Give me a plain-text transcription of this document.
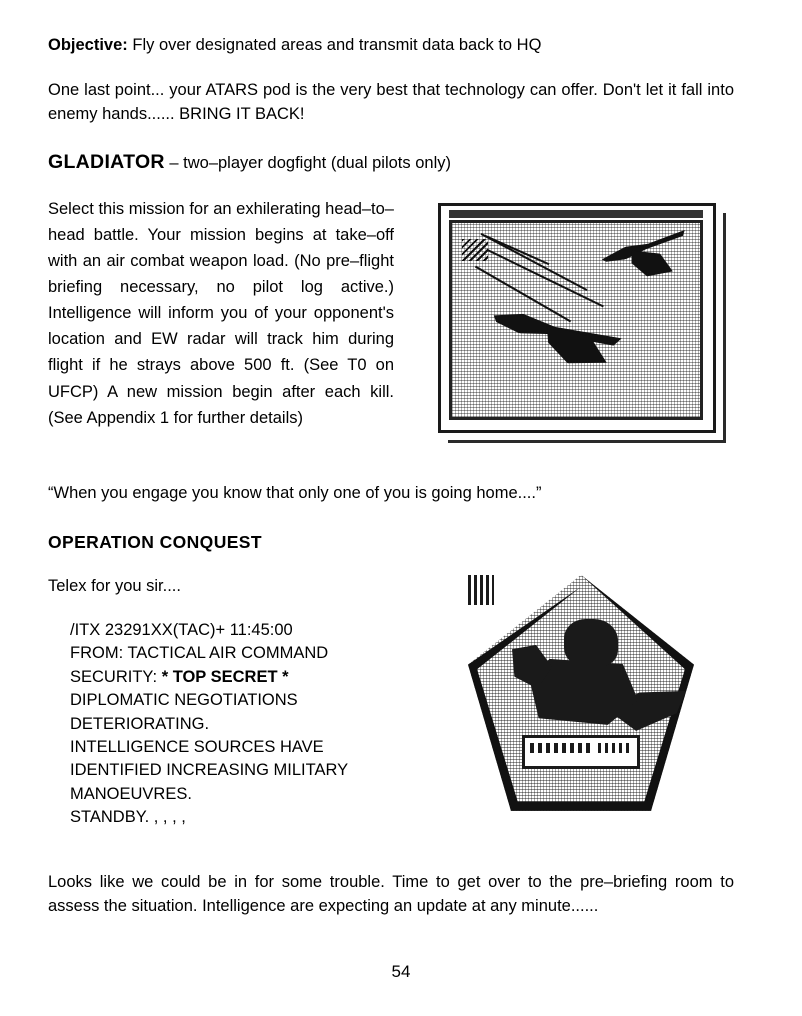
Objective: Fly over designated areas and transmit data back to HQ

One last point... your ATARS pod is the very best that technology can offer. Don't let it fall into enemy hands...... BRING IT BACK!

GLADIATOR – two–player dogfight (dual pilots only)

Select this mission for an exhilerating head–to–head battle. Your mission begins at take–off with an air combat weapon load. (No pre–flight briefing necessary, no pilot log active.) Intelligence will inform you of your opponent's location and EW radar will track him during flight if he strays above 500 ft. (See T0 on UFCP) A new mission begin after each kill. (See Appendix 1 for further details)

“When you engage you know that only one of you is going home....”

OPERATION CONQUEST

Telex for you sir....

/ITX 23291XX(TAC)+ 11:45:00
FROM: TACTICAL AIR COMMAND
SECURITY: * TOP SECRET *
DIPLOMATIC NEGOTIATIONS
DETERIORATING.
INTELLIGENCE SOURCES HAVE
IDENTIFIED INCREASING MILITARY
MANOEUVRES.
STANDBY. , , , ,

Looks like we could be in for some trouble. Time to get over to the pre–briefing room to assess the situation. Intelligence are expecting an update at any minute......

54
